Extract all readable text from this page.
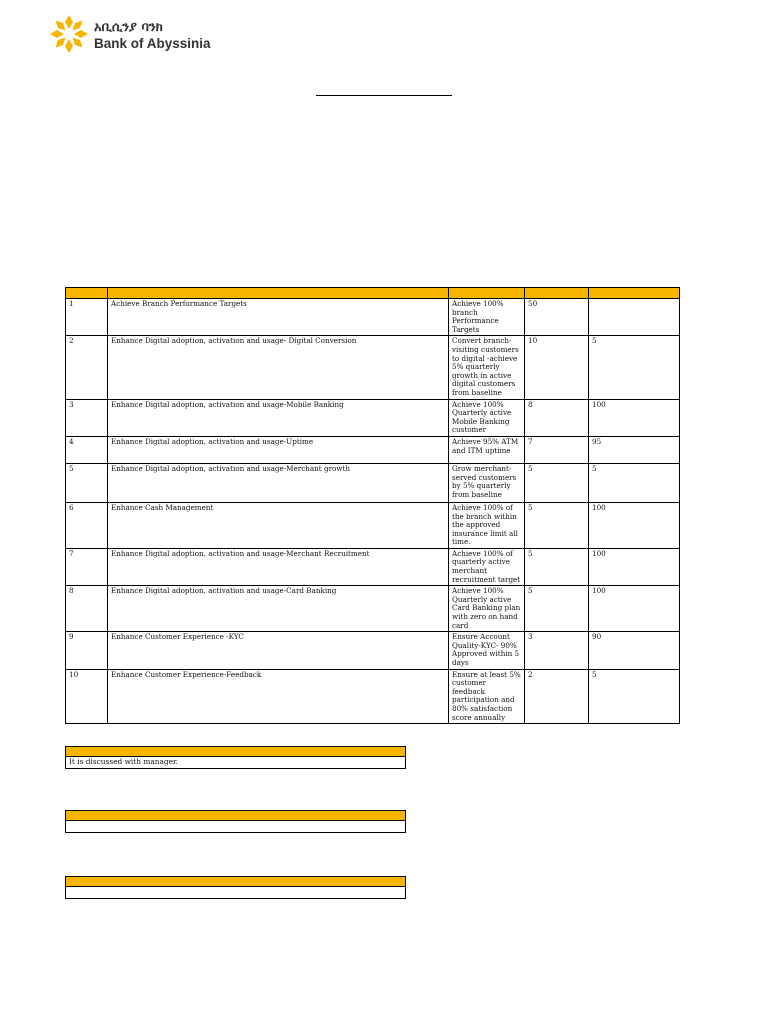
አቢሲንያ ባንክ
Bank of Abyssinia

1	Achieve Branch Performance Targets	Achieve 100% branch Performance Targets	50	
2	Enhance Digital adoption, activation and usage- Digital Conversion	Convert branch-visiting customers to digital -achieve 5% quarterly growth in active digital customers from baseline	10	5
3	Enhance Digital adoption, activation and usage-Mobile Banking	Achieve 100% Quarterly active Mobile Banking customer	8	100
4	Enhance Digital adoption, activation and usage-Uptime	Achieve 95% ATM and ITM uptime	7	95
5	Enhance Digital adoption, activation and usage-Merchant growth	Grow merchant-served customers by 5% quarterly from baseline	5	5
6	Enhance Cash Management	Achieve 100% of the branch within the approved insurance limit all time.	5	100
7	Enhance Digital adoption, activation and usage-Merchant Recruitment	Achieve 100% of quarterly active merchant recruitment target	5	100
8	Enhance Digital adoption, activation and usage-Card Banking	Achieve 100% Quarterly active Card Banking plan with zero on hand card	5	100
9	Enhance Customer Experience -KYC	Ensure Account Quality-KYC- 90% Approved within 5 days	3	90
10	Enhance Customer Experience-Feedback	Ensure at least 5% customer feedback participation and 80% satisfaction score annually	2	5
It is discussed with manager.
